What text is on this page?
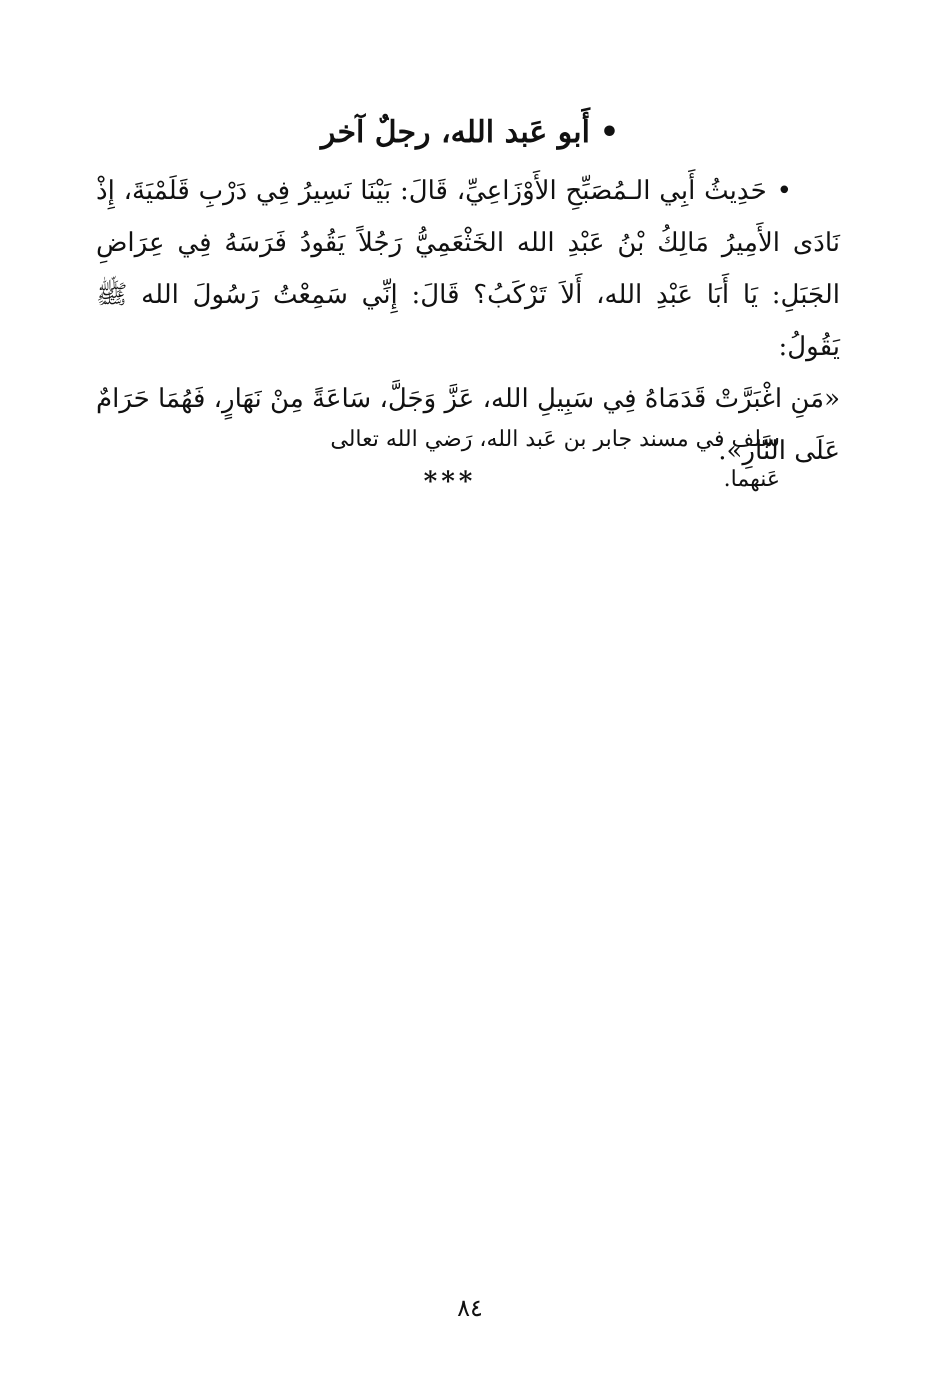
•أَبو عَبد الله، رجلٌ آخر

•حَدِيثُ أَبِي الـمُصَبِّحِ الأَوْزَاعِيِّ، قَالَ: بَيْنَا نَسِيرُ فِي دَرْبِ قَلَمْيَةَ، إِذْ نَادَى الأَمِيرُ مَالِكُ بْنُ عَبْدِ الله الخَثْعَمِيُّ رَجُلاً يَقُودُ فَرَسَهُ فِي عِرَاضِ الجَبَلِ: يَا أَبَا عَبْدِ الله، أَلاَ تَرْكَبُ؟ قَالَ: إِنِّي سَمِعْتُ رَسُولَ الله ﷺ يَقُولُ:

«مَنِ اغْبَرَّتْ قَدَمَاهُ فِي سَبِيلِ الله، عَزَّ وَجَلَّ، سَاعَةً مِنْ نَهَارٍ، فَهُمَا حَرَامٌ عَلَى النَّارِ».

سلف في مسند جابر بن عَبد الله، رَضي الله تعالى عَنهما.
***
٨٤
